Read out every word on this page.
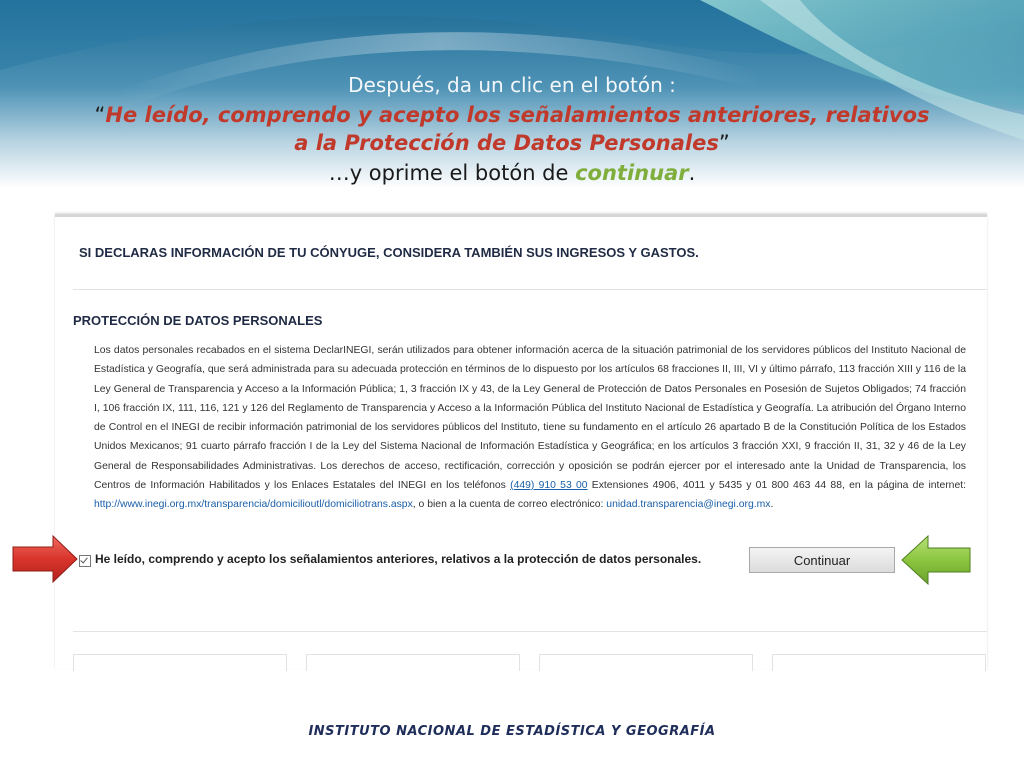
Después, da un clic en el botón :
“He leído, comprendo y acepto los señalamientos anteriores, relativos
a la Protección de Datos Personales”
…y oprime el botón de continuar.
SI DECLARAS INFORMACIÓN DE TU CÓNYUGE, CONSIDERA TAMBIÉN SUS INGRESOS Y GASTOS.
PROTECCIÓN DE DATOS PERSONALES
Los datos personales recabados en el sistema DeclarINEGI, serán utilizados para obtener información acerca de la situación patrimonial de los servidores públicos del Instituto Nacional de Estadística y Geografía, que será administrada para su adecuada protección en términos de lo dispuesto por los artículos 68 fracciones II, III, VI y último párrafo, 113 fracción XIII y 116 de la Ley General de Transparencia y Acceso a la Información Pública; 1, 3 fracción IX y 43, de la Ley General de Protección de Datos Personales en Posesión de Sujetos Obligados; 74 fracción I, 106 fracción IX, 111, 116, 121 y 126 del Reglamento de Transparencia y Acceso a la Información Pública del Instituto Nacional de Estadística y Geografía. La atribución del Órgano Interno de Control en el INEGI de recibir información patrimonial de los servidores públicos del Instituto, tiene su fundamento en el artículo 26 apartado B de la Constitución Política de los Estados Unidos Mexicanos; 91 cuarto párrafo fracción I de la Ley del Sistema Nacional de Información Estadística y Geográfica; en los artículos 3 fracción XXI, 9 fracción II, 31, 32 y 46 de la Ley General de Responsabilidades Administrativas. Los derechos de acceso, rectificación, corrección y oposición se podrán ejercer por el interesado ante la Unidad de Transparencia, los Centros de Información Habilitados y los Enlaces Estatales del INEGI en los teléfonos (449) 910 53 00 Extensiones 4906, 4011 y 5435 y 01 800 463 44 88, en la página de internet: http://www.inegi.org.mx/transparencia/domicilioutl/domiciliotrans.aspx, o bien a la cuenta de correo electrónico: unidad.transparencia@inegi.org.mx.
He leído, comprendo y acepto los señalamientos anteriores, relativos a la protección de datos personales.	Continuar
INSTITUTO NACIONAL DE ESTADÍSTICA Y GEOGRAFÍA
